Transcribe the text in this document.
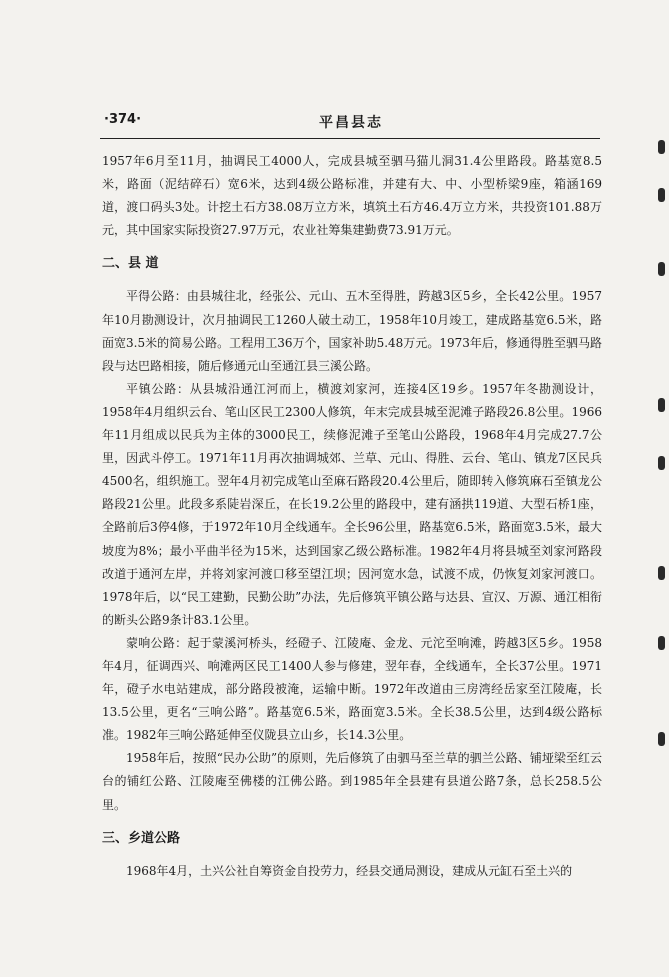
·374·	平昌县志

1957年6月至11月，抽调民工4000人，完成县城至驷马猫儿洞31.4公里路段。路基宽8.5米，路面（泥结碎石）宽6米，达到4级公路标准，并建有大、中、小型桥梁9座，箱涵169道，渡口码头3处。计挖土石方38.08万立方米，填筑土石方46.4万立方米，共投资101.88万元，其中国家实际投资27.97万元，农业社筹集建勤费73.91万元。

二、县 道

平得公路：由县城往北，经张公、元山、五木至得胜，跨越3区5乡，全长42公里。1957年10月勘测设计，次月抽调民工1260人破土动工，1958年10月竣工，建成路基宽6.5米，路面宽3.5米的简易公路。工程用工36万个，国家补助5.48万元。1973年后，修通得胜至驷马路段与达巴路相接，随后修通元山至通江县三溪公路。

平镇公路：从县城沿通江河而上，横渡刘家河，连接4区19乡。1957年冬勘测设计，1958年4月组织云台、笔山区民工2300人修筑，年末完成县城至泥滩子路段26.8公里。1966年11月组成以民兵为主体的3000民工，续修泥滩子至笔山公路段，1968年4月完成27.7公里，因武斗停工。1971年11月再次抽调城郊、兰草、元山、得胜、云台、笔山、镇龙7区民兵4500名，组织施工。翌年4月初完成笔山至麻石路段20.4公里后，随即转入修筑麻石至镇龙公路段21公里。此段多系陡岩深丘，在长19.2公里的路段中，建有涵拱119道、大型石桥1座，全路前后3停4修，于1972年10月全线通车。全长96公里，路基宽6.5米，路面宽3.5米，最大坡度为8%；最小平曲半径为15米，达到国家乙级公路标准。1982年4月将县城至刘家河路段改道于通河左岸，并将刘家河渡口移至望江坝；因河宽水急，试渡不成，仍恢复刘家河渡口。1978年后，以“民工建勤，民勤公助”办法，先后修筑平镇公路与达县、宣汉、万源、通江相衔的断头公路9条计83.1公里。

蒙响公路：起于蒙溪河桥头，经磴子、江陵庵、金龙、元沱至响滩，跨越3区5乡。1958年4月，征调西兴、响滩两区民工1400人参与修建，翌年春，全线通车，全长37公里。1971年，磴子水电站建成，部分路段被淹，运输中断。1972年改道由三房湾经岳家至江陵庵，长13.5公里，更名“三响公路”。路基宽6.5米，路面宽3.5米。全长38.5公里，达到4级公路标准。1982年三响公路延伸至仪陇县立山乡，长14.3公里。

1958年后，按照“民办公助”的原则，先后修筑了由驷马至兰草的驷兰公路、铺垭梁至红云台的铺红公路、江陵庵至佛楼的江佛公路。到1985年全县建有县道公路7条，总长258.5公里。

三、乡道公路

1968年4月，土兴公社自筹资金自投劳力，经县交通局测设，建成从元缸石至土兴的
